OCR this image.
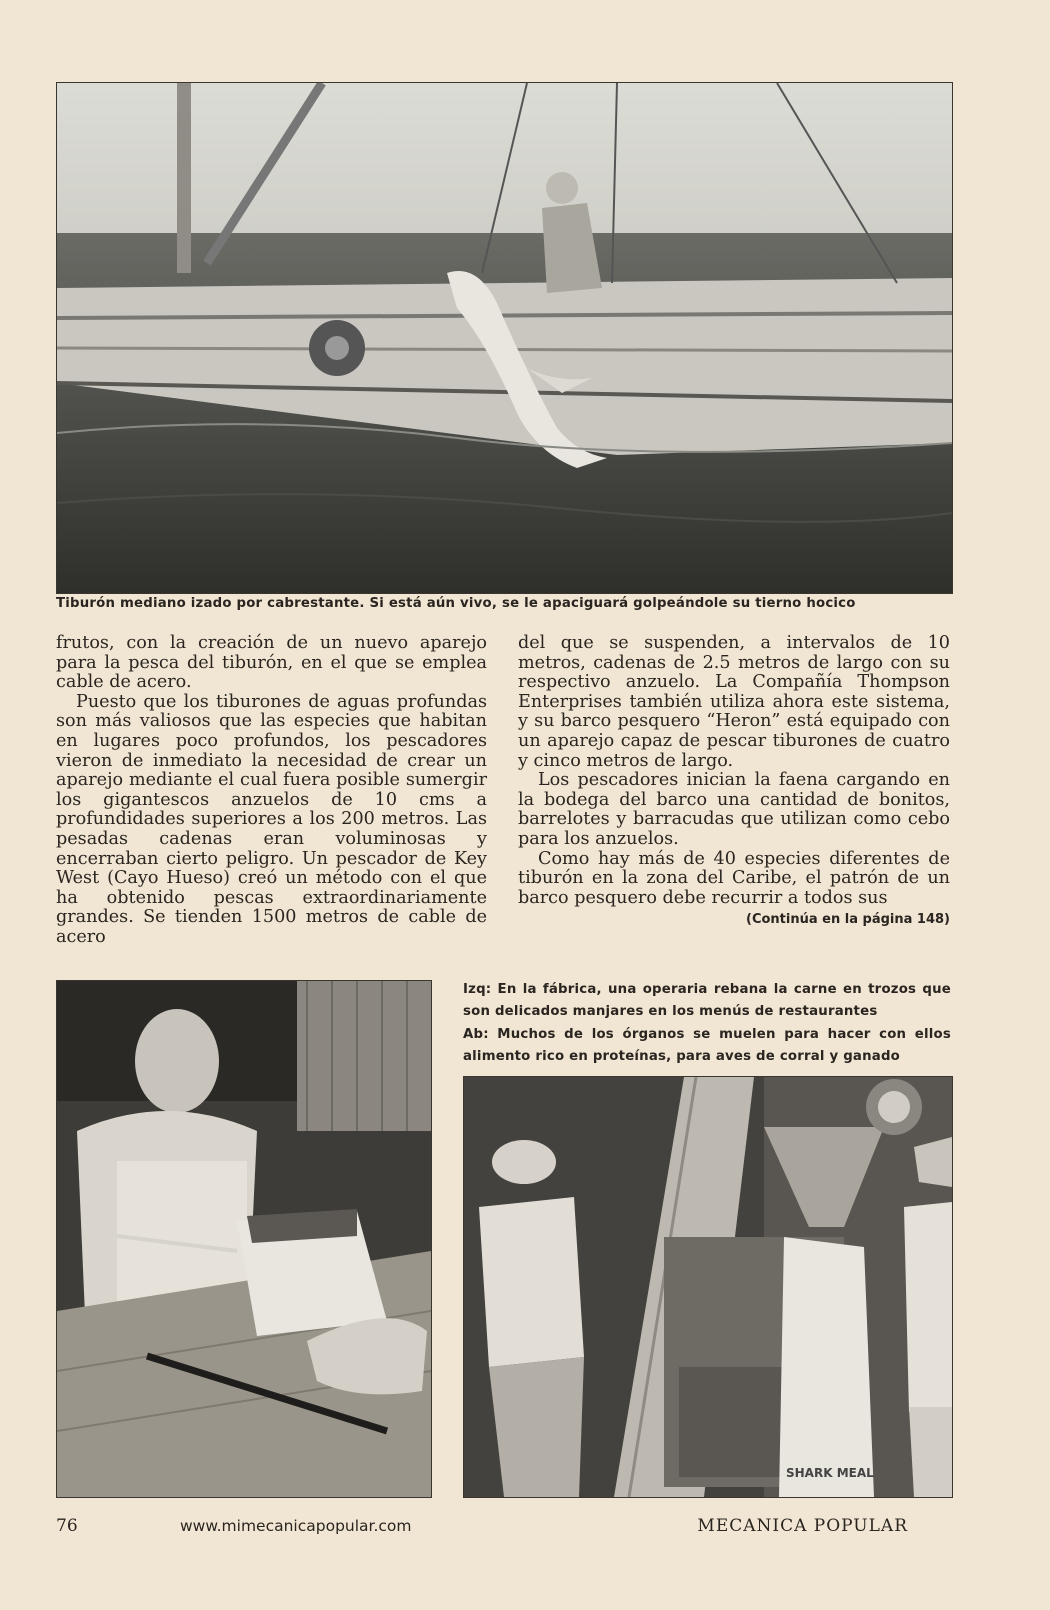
Tiburón mediano izado por cabrestante. Si está aún vivo, se le apaciguará golpeándole su tierno hocico

frutos, con la creación de un nuevo aparejo para la pesca del tiburón, en el que se emplea cable de acero.

Puesto que los tiburones de aguas profundas son más valiosos que las especies que habitan en lugares poco profundos, los pescadores vieron de inmediato la necesidad de crear un aparejo mediante el cual fuera posible sumergir los gigantescos anzuelos de 10 cms a profundidades superiores a los 200 metros. Las pesadas cadenas eran voluminosas y encerraban cierto peligro. Un pescador de Key West (Cayo Hueso) creó un método con el que ha obtenido pescas extraordinariamente grandes. Se tienden 1500 metros de cable de acero

del que se suspenden, a intervalos de 10 metros, cadenas de 2.5 metros de largo con su respectivo anzuelo. La Compañía Thompson Enterprises también utiliza ahora este sistema, y su barco pesquero “Heron” está equipado con un aparejo capaz de pescar tiburones de cuatro y cinco metros de largo.

Los pescadores inician la faena cargando en la bodega del barco una cantidad de bonitos, barrelotes y barracudas que utilizan como cebo para los anzuelos.

Como hay más de 40 especies diferentes de tiburón en la zona del Caribe, el patrón de un barco pesquero debe recurrir a todos sus

(Continúa en la página 148)
Izq: En la fábrica, una operaria rebana la carne en trozos que son delicados manjares en los menús de restaurantes
Ab: Muchos de los órganos se muelen para hacer con ellos alimento rico en proteínas, para aves de corral y ganado
SHARK MEAL
76	www.mimecanicapopular.com	MECANICA POPULAR
